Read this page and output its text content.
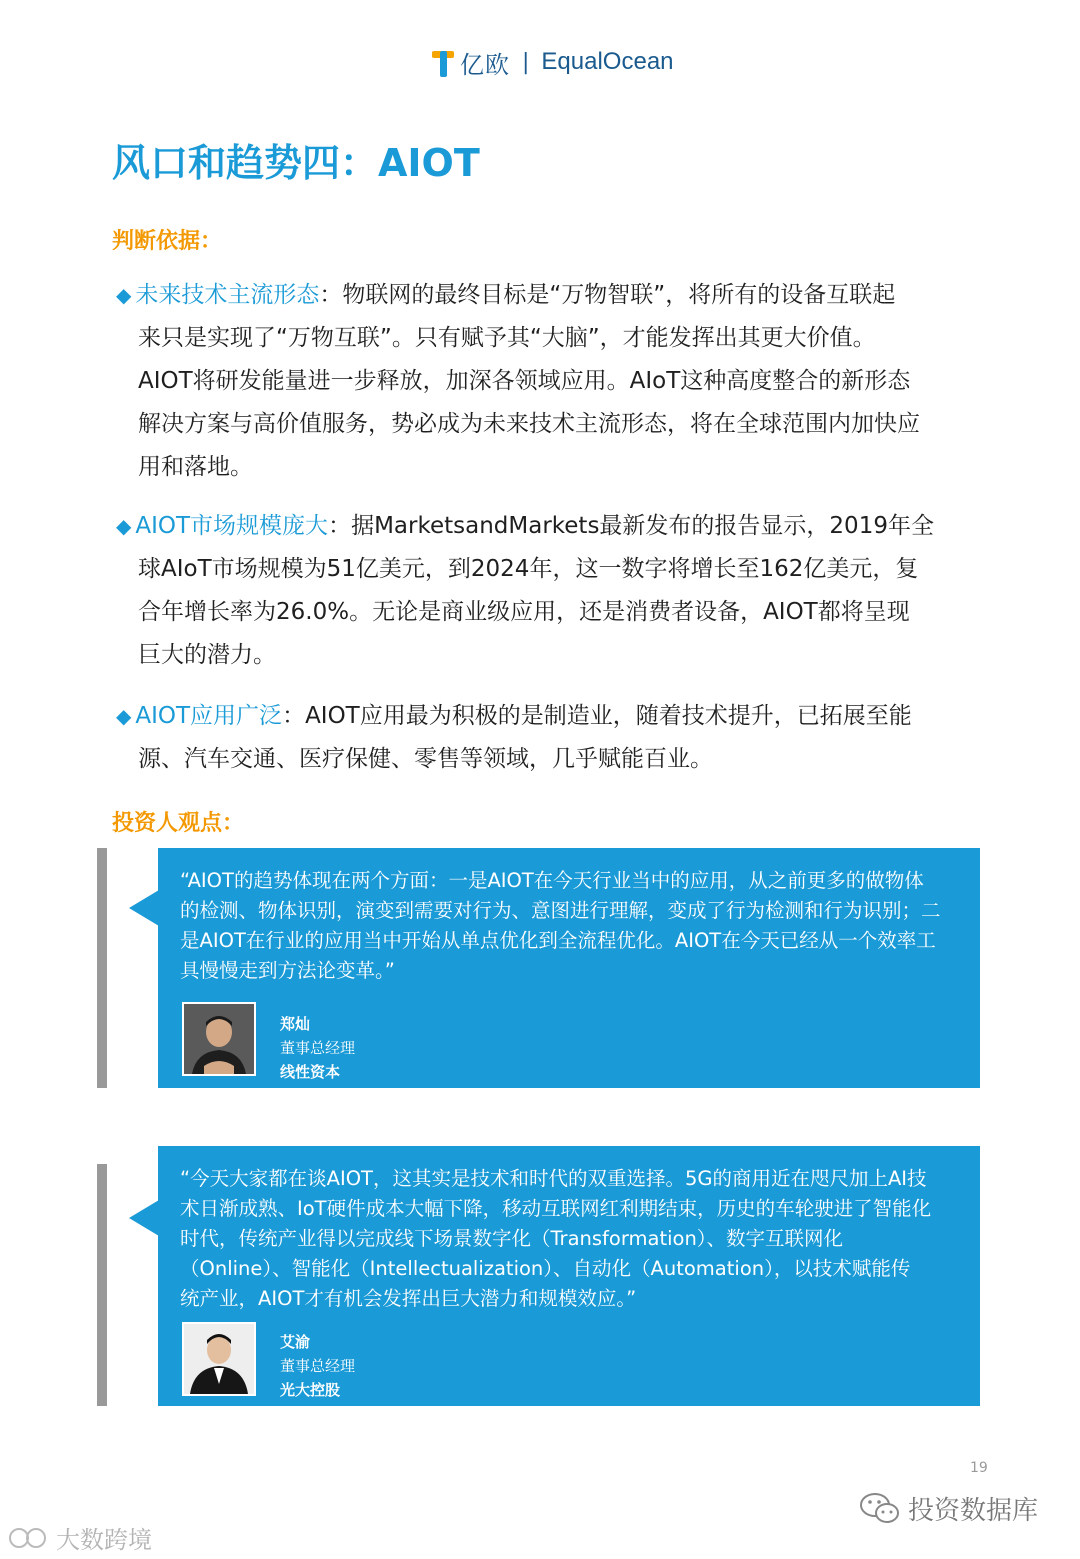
亿欧 | EqualOcean
风口和趋势四：AIOT
判断依据：
◆ 未来技术主流形态：物联网的最终目标是“万物智联”，将所有的设备互联起
来只是实现了“万物互联”。只有赋予其“大脑”，才能发挥出其更大价值。
AIOT将研发能量进一步释放，加深各领域应用。AIoT这种高度整合的新形态
解决方案与高价值服务，势必成为未来技术主流形态，将在全球范围内加快应
用和落地。
◆ AIOT市场规模庞大：据MarketsandMarkets最新发布的报告显示，2019年全
球AIoT市场规模为51亿美元，到2024年，这一数字将增长至162亿美元，复
合年增长率为26.0%。无论是商业级应用，还是消费者设备，AIOT都将呈现
巨大的潜力。
◆ AIOT应用广泛：AIOT应用最为积极的是制造业，随着技术提升，已拓展至能
源、汽车交通、医疗保健、零售等领域，几乎赋能百业。
投资人观点：
“AIOT的趋势体现在两个方面：一是AIOT在今天行业当中的应用，从之前更多的做物体
的检测、物体识别，演变到需要对行为、意图进行理解，变成了行为检测和行为识别；二
是AIOT在行业的应用当中开始从单点优化到全流程优化。AIOT在今天已经从一个效率工
具慢慢走到方法论变革。”
郑灿
董事总经理
线性资本
“今天大家都在谈AIOT，这其实是技术和时代的双重选择。5G的商用近在咫尺加上AI技
术日渐成熟、IoT硬件成本大幅下降，移动互联网红利期结束，历史的车轮驶进了智能化
时代，传统产业得以完成线下场景数字化（Transformation）、数字互联网化
（Online）、智能化（Intellectualization）、自动化（Automation），以技术赋能传
统产业，AIOT才有机会发挥出巨大潜力和规模效应。”
艾渝
董事总经理
光大控股
19
投资数据库
大数跨境
